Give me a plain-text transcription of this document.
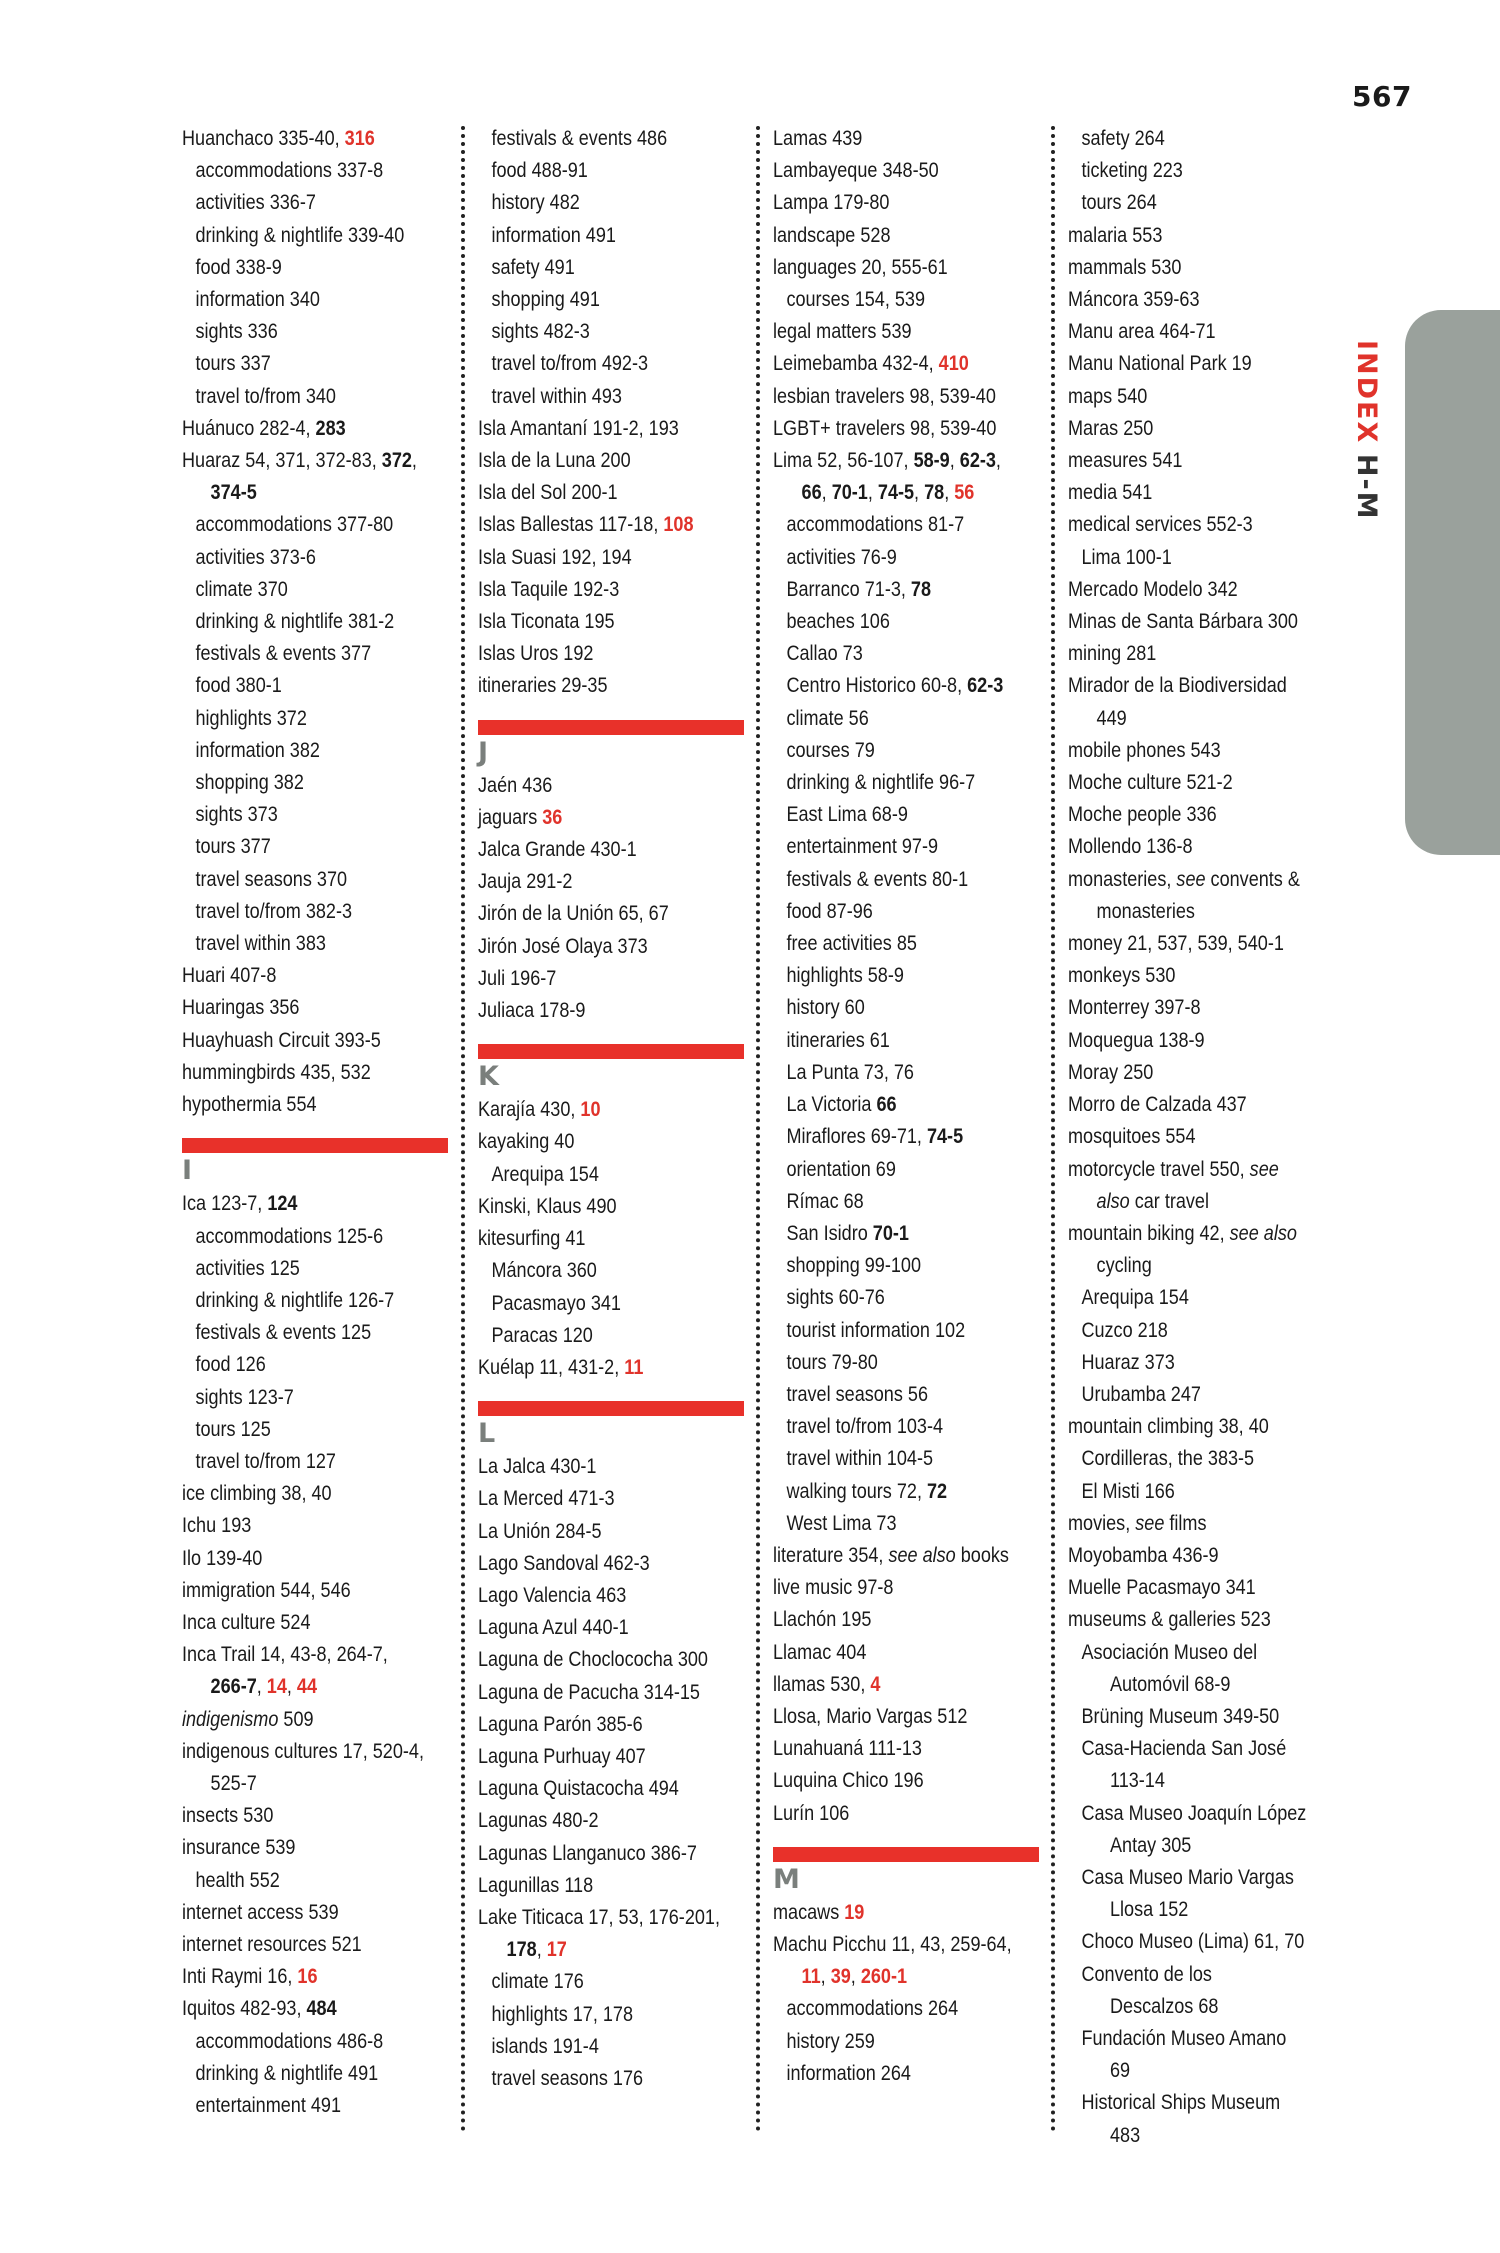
567
INDEX H-M
Huanchaco 335-40, 316
accommodations 337-8
activities 336-7
drinking & nightlife 339-40
food 338-9
information 340
sights 336
tours 337
travel to/from 340
Huánuco 282-4, 283
Huaraz 54, 371, 372-83, 372,
374-5
accommodations 377-80
activities 373-6
climate 370
drinking & nightlife 381-2
festivals & events 377
food 380-1
highlights 372
information 382
shopping 382
sights 373
tours 377
travel seasons 370
travel to/from 382-3
travel within 383
Huari 407-8
Huaringas 356
Huayhuash Circuit 393-5
hummingbirds 435, 532
hypothermia 554
I
Ica 123-7, 124
accommodations 125-6
activities 125
drinking & nightlife 126-7
festivals & events 125
food 126
sights 123-7
tours 125
travel to/from 127
ice climbing 38, 40
Ichu 193
Ilo 139-40
immigration 544, 546
Inca culture 524
Inca Trail 14, 43-8, 264-7,
266-7, 14, 44
indigenismo 509
indigenous cultures 17, 520-4,
525-7
insects 530
insurance 539
health 552
internet access 539
internet resources 521
Inti Raymi 16, 16
Iquitos 482-93, 484
accommodations 486-8
drinking & nightlife 491
entertainment 491
festivals & events 486
food 488-91
history 482
information 491
safety 491
shopping 491
sights 482-3
travel to/from 492-3
travel within 493
Isla Amantaní 191-2, 193
Isla de la Luna 200
Isla del Sol 200-1
Islas Ballestas 117-18, 108
Isla Suasi 192, 194
Isla Taquile 192-3
Isla Ticonata 195
Islas Uros 192
itineraries 29-35
J
Jaén 436
jaguars 36
Jalca Grande 430-1
Jauja 291-2
Jirón de la Unión 65, 67
Jirón José Olaya 373
Juli 196-7
Juliaca 178-9
K
Karajía 430, 10
kayaking 40
Arequipa 154
Kinski, Klaus 490
kitesurfing 41
Máncora 360
Pacasmayo 341
Paracas 120
Kuélap 11, 431-2, 11
L
La Jalca 430-1
La Merced 471-3
La Unión 284-5
Lago Sandoval 462-3
Lago Valencia 463
Laguna Azul 440-1
Laguna de Choclococha 300
Laguna de Pacucha 314-15
Laguna Parón 385-6
Laguna Purhuay 407
Laguna Quistacocha 494
Lagunas 480-2
Lagunas Llanganuco 386-7
Lagunillas 118
Lake Titicaca 17, 53, 176-201,
178, 17
climate 176
highlights 17, 178
islands 191-4
travel seasons 176
Lamas 439
Lambayeque 348-50
Lampa 179-80
landscape 528
languages 20, 555-61
courses 154, 539
legal matters 539
Leimebamba 432-4, 410
lesbian travelers 98, 539-40
LGBT+ travelers 98, 539-40
Lima 52, 56-107, 58-9, 62-3,
66, 70-1, 74-5, 78, 56
accommodations 81-7
activities 76-9
Barranco 71-3, 78
beaches 106
Callao 73
Centro Historico 60-8, 62-3
climate 56
courses 79
drinking & nightlife 96-7
East Lima 68-9
entertainment 97-9
festivals & events 80-1
food 87-96
free activities 85
highlights 58-9
history 60
itineraries 61
La Punta 73, 76
La Victoria 66
Miraflores 69-71, 74-5
orientation 69
Rímac 68
San Isidro 70-1
shopping 99-100
sights 60-76
tourist information 102
tours 79-80
travel seasons 56
travel to/from 103-4
travel within 104-5
walking tours 72, 72
West Lima 73
literature 354, see also books
live music 97-8
Llachón 195
Llamac 404
llamas 530, 4
Llosa, Mario Vargas 512
Lunahuaná 111-13
Luquina Chico 196
Lurín 106
M
macaws 19
Machu Picchu 11, 43, 259-64,
11, 39, 260-1
accommodations 264
history 259
information 264
safety 264
ticketing 223
tours 264
malaria 553
mammals 530
Máncora 359-63
Manu area 464-71
Manu National Park 19
maps 540
Maras 250
measures 541
media 541
medical services 552-3
Lima 100-1
Mercado Modelo 342
Minas de Santa Bárbara 300
mining 281
Mirador de la Biodiversidad
449
mobile phones 543
Moche culture 521-2
Moche people 336
Mollendo 136-8
monasteries, see convents &
monasteries
money 21, 537, 539, 540-1
monkeys 530
Monterrey 397-8
Moquegua 138-9
Moray 250
Morro de Calzada 437
mosquitoes 554
motorcycle travel 550, see
also car travel
mountain biking 42, see also
cycling
Arequipa 154
Cuzco 218
Huaraz 373
Urubamba 247
mountain climbing 38, 40
Cordilleras, the 383-5
El Misti 166
movies, see films
Moyobamba 436-9
Muelle Pacasmayo 341
museums & galleries 523
Asociación Museo del
Automóvil 68-9
Brüning Museum 349-50
Casa-Hacienda San José
113-14
Casa Museo Joaquín López
Antay 305
Casa Museo Mario Vargas
Llosa 152
Choco Museo (Lima) 61, 70
Convento de los
Descalzos 68
Fundación Museo Amano
69
Historical Ships Museum
483
